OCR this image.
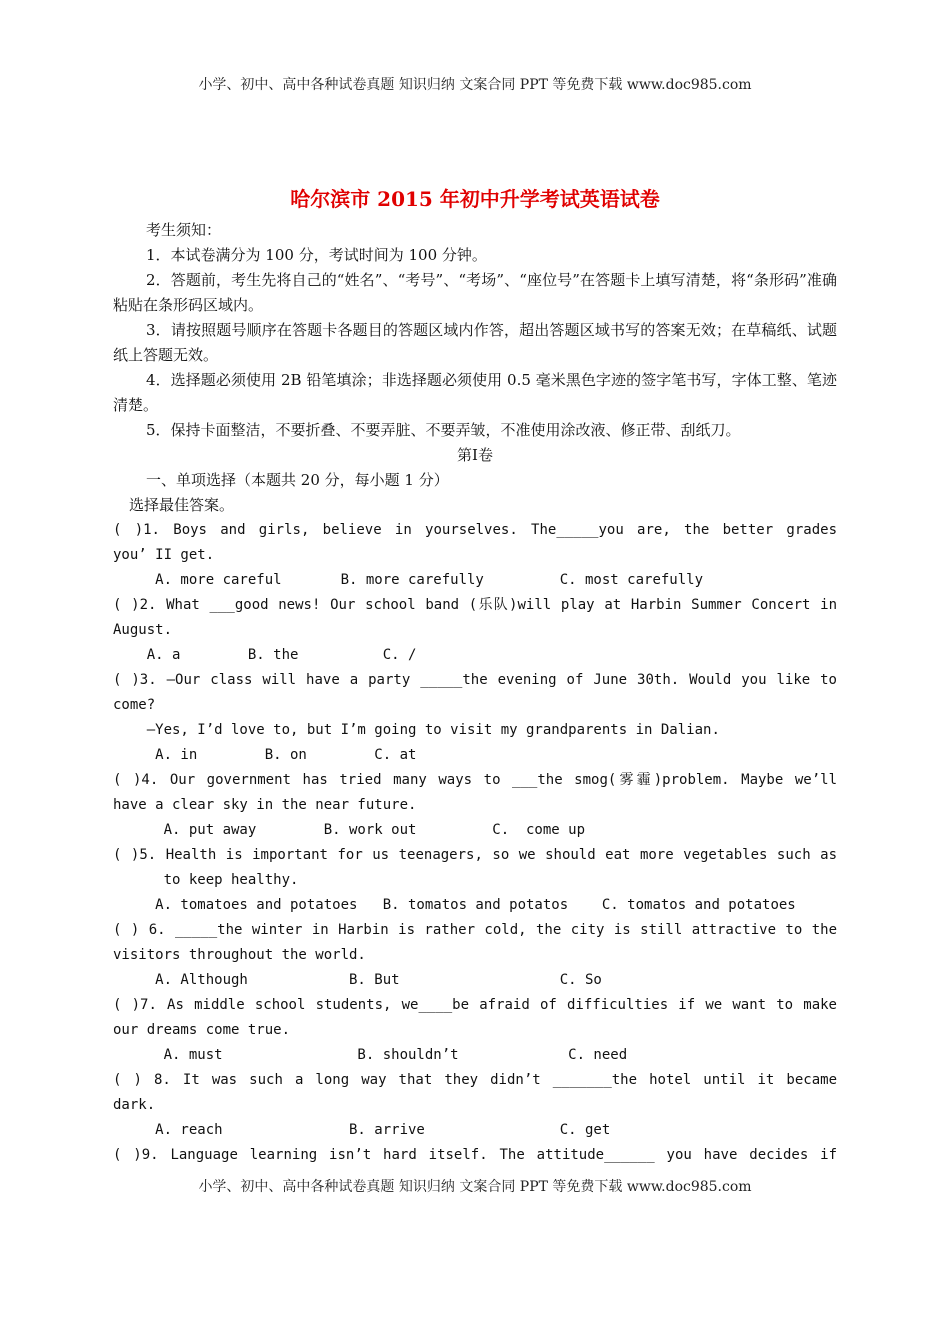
小学、初中、高中各种试卷真题 知识归纳 文案合同 PPT 等免费下载 www.doc985.com
哈尔滨市 2015 年初中升学考试英语试卷

考生须知：

1．本试卷满分为 100 分，考试时间为 100 分钟。

2．答题前，考生先将自己的“姓名”、“考号”、“考场”、“座位号”在答题卡上填写清楚，将“条形码”准确粘贴在条形码区域内。

3．请按照题号顺序在答题卡各题目的答题区域内作答，超出答题区域书写的答案无效；在草稿纸、试题纸上答题无效。

4．选择题必须使用 2B 铅笔填涂；非选择题必须使用 0.5 毫米黑色字迹的签字笔书写，字体工整、笔迹清楚。

5．保持卡面整洁，不要折叠、不要弄脏、不要弄皱，不准使用涂改液、修正带、刮纸刀。

第Ⅰ卷

一、单项选择（本题共 20 分，每小题 1 分）

选择最佳答案。

( )1. Boys and girls, believe in yourselves. The_____you are, the better grades

you’ II get.

A. more careful       B. more carefully         C. most carefully

( )2. What ___good news! Our school band (乐队)will play at Harbin Summer Concert in

August.

A. a        B. the          C. /

( )3. —Our class will have a party _____the evening of June 30th. Would you like to

come?

—Yes, I’d love to, but I’m going to visit my grandparents in Dalian.

A. in        B. on        C. at

( )4. Our government has tried many ways to ___the smog(雾霾)problem. Maybe we’ll

have a clear sky in the near future.

A. put away        B. work out         C.  come up

( )5. Health is important for us teenagers, so we should eat more vegetables such as

to keep healthy.

A. tomatoes and potatoes   B. tomatos and potatos    C. tomatos and potatoes

( ) 6. _____the winter in Harbin is rather cold, the city is still attractive to the

visitors throughout the world.

A. Although            B. But                   C. So

( )7. As middle school students, we____be afraid of difficulties if we want to make

our dreams come true.

A. must                B. shouldn’t             C. need

( ) 8. It was such a long way that they didn’t _______the hotel until it became

dark.

A. reach               B. arrive                C. get

( )9. Language learning isn’t hard itself. The attitude______ you have decides if

小学、初中、高中各种试卷真题 知识归纳 文案合同 PPT 等免费下载 www.doc985.com
